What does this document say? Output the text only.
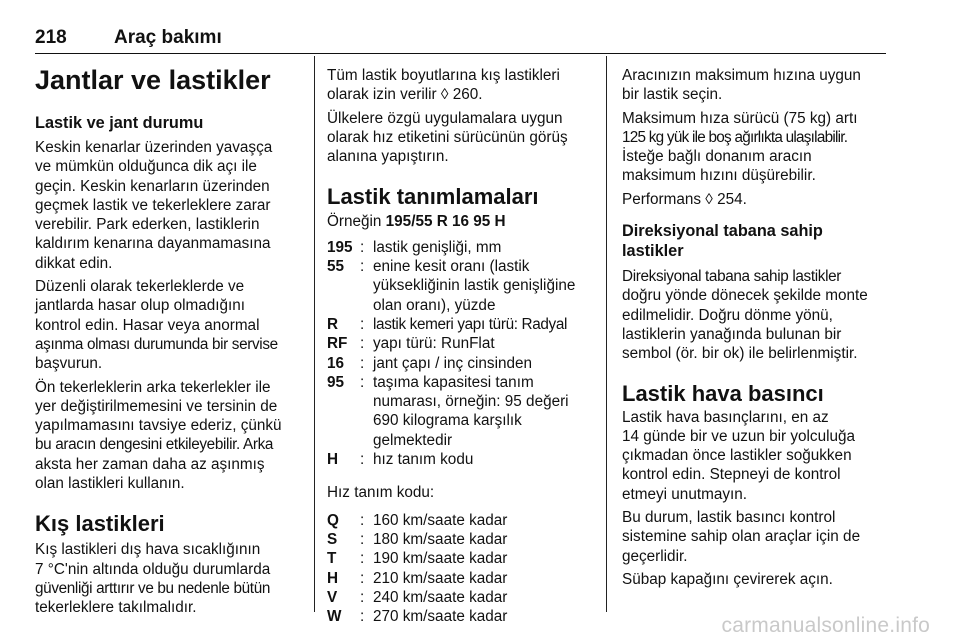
218 Araç bakımı
Jantlar ve lastikler
Lastik ve jant durumu

Keskin kenarlar üzerinden yavaşça
ve mümkün olduğunca dik açı ile
geçin. Keskin kenarların üzerinden
geçmek lastik ve tekerleklere zarar
verebilir. Park ederken, lastiklerin
kaldırım kenarına dayanmamasına
dikkat edin.

Düzenli olarak tekerleklerde ve
jantlarda hasar olup olmadığını
kontrol edin. Hasar veya anormal
aşınma olması durumunda bir servise
başvurun.

Ön tekerleklerin arka tekerlekler ile
yer değiştirilmemesini ve tersinin de
yapılmamasını tavsiye ederiz, çünkü
bu aracın dengesini etkileyebilir. Arka
aksta her zaman daha az aşınmış
olan lastikleri kullanın.

Kış lastikleri

Kış lastikleri dış hava sıcaklığının
7 °C'nin altında olduğu durumlarda
güvenliği arttırır ve bu nedenle bütün
tekerleklere takılmalıdır.

Tüm lastik boyutlarına kış lastikleri
olarak izin verilir ◊ 260.

Ülkelere özgü uygulamalara uygun
olarak hız etiketini sürücünün görüş
alanına yapıştırın.

Lastik tanımlamaları

Örneğin 195/55 R 16 95 H

195 : lastik genişliği, mm
55	: enine kesit oranı (lastik
yüksekliğinin lastik genişliğine
olan oranı), yüzde
R	: lastik kemeri yapı türü: Radyal
RF : yapı türü: RunFlat
16	: jant çapı / inç cinsinden
95	: taşıma kapasitesi tanım
numarası, örneğin: 95 değeri
690 kilograma karşılık
gelmektedir
H	: hız tanım kodu

Hız tanım kodu:

Q	: 160 km/saate kadar
S	: 180 km/saate kadar
T	: 190 km/saate kadar
H	: 210 km/saate kadar
V	: 240 km/saate kadar
W	: 270 km/saate kadar

Aracınızın maksimum hızına uygun
bir lastik seçin.

Maksimum hıza sürücü (75 kg) artı
125 kg yük ile boş ağırlıkta ulaşılabilir.
İsteğe bağlı donanım aracın
maksimum hızını düşürebilir.

Performans ◊ 254.

Direksiyonal tabana sahip
lastikler

Direksiyonal tabana sahip lastikler
doğru yönde dönecek şekilde monte
edilmelidir. Doğru dönme yönü,
lastiklerin yanağında bulunan bir
sembol (ör. bir ok) ile belirlenmiştir.

Lastik hava basıncı

Lastik hava basınçlarını, en az
14 günde bir ve uzun bir yolculuğa
çıkmadan önce lastikler soğukken
kontrol edin. Stepneyi de kontrol
etmeyi unutmayın.

Bu durum, lastik basıncı kontrol
sistemine sahip olan araçlar için de
geçerlidir.

Sübap kapağını çevirerek açın.

carmanualsonline.info
